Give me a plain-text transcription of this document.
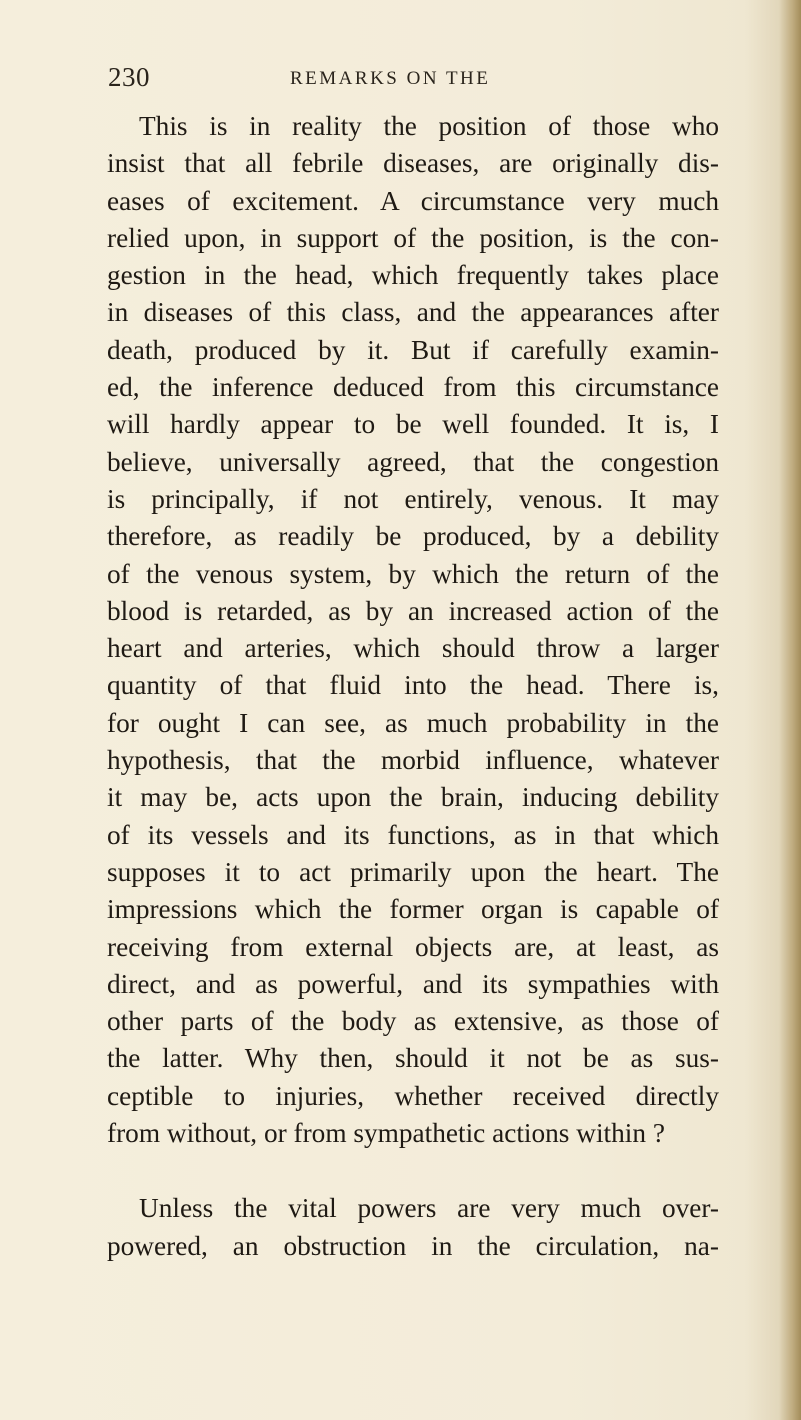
230	REMARKS ON THE

This is in reality the position of those who
insist that all febrile diseases, are originally dis-
eases of excitement. A circumstance very much
relied upon, in support of the position, is the con-
gestion in the head, which frequently takes place
in diseases of this class, and the appearances after
death, produced by it. But if carefully examin-
ed, the inference deduced from this circumstance
will hardly appear to be well founded. It is, I
believe, universally agreed, that the congestion
is principally, if not entirely, venous. It may
therefore, as readily be produced, by a debility
of the venous system, by which the return of the
blood is retarded, as by an increased action of the
heart and arteries, which should throw a larger
quantity of that fluid into the head. There is,
for ought I can see, as much probability in the
hypothesis, that the morbid influence, whatever
it may be, acts upon the brain, inducing debility
of its vessels and its functions, as in that which
supposes it to act primarily upon the heart. The
impressions which the former organ is capable of
receiving from external objects are, at least, as
direct, and as powerful, and its sympathies with
other parts of the body as extensive, as those of
the latter. Why then, should it not be as sus-
ceptible to injuries, whether received directly
from without, or from sympathetic actions within ?

Unless the vital powers are very much over-
powered, an obstruction in the circulation, na-
